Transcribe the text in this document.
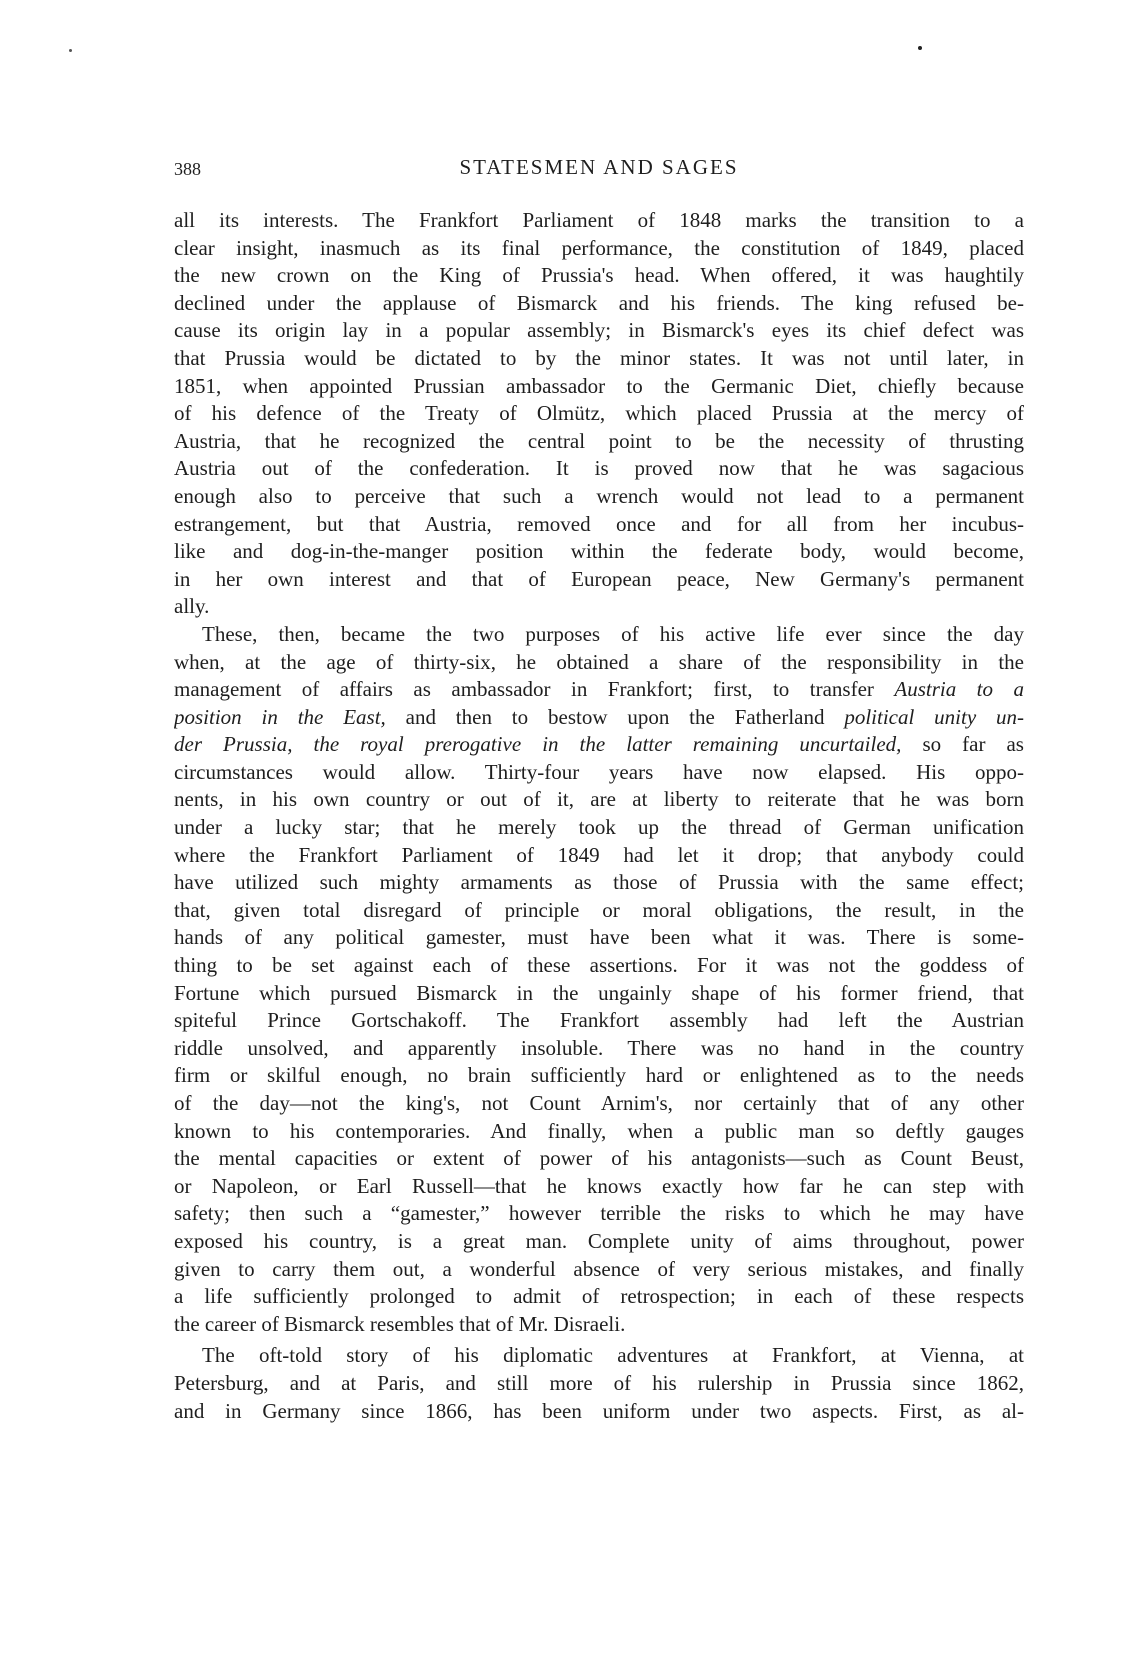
388	STATESMEN AND SAGES
all its interests. The Frankfort Parliament of 1848 marks the transition to a
clear insight, inasmuch as its final performance, the constitution of 1849, placed
the new crown on the King of Prussia's head. When offered, it was haughtily
declined under the applause of Bismarck and his friends. The king refused be-
cause its origin lay in a popular assembly; in Bismarck's eyes its chief defect was
that Prussia would be dictated to by the minor states. It was not until later, in
1851, when appointed Prussian ambassador to the Germanic Diet, chiefly because
of his defence of the Treaty of Olmütz, which placed Prussia at the mercy of
Austria, that he recognized the central point to be the necessity of thrusting
Austria out of the confederation. It is proved now that he was sagacious
enough also to perceive that such a wrench would not lead to a permanent
estrangement, but that Austria, removed once and for all from her incubus-
like and dog-in-the-manger position within the federate body, would become,
in her own interest and that of European peace, New Germany's permanent
ally.
These, then, became the two purposes of his active life ever since the day
when, at the age of thirty-six, he obtained a share of the responsibility in the
management of affairs as ambassador in Frankfort; first, to transfer Austria to a
position in the East, and then to bestow upon the Fatherland political unity un-
der Prussia, the royal prerogative in the latter remaining uncurtailed, so far as
circumstances would allow. Thirty-four years have now elapsed. His oppo-
nents, in his own country or out of it, are at liberty to reiterate that he was born
under a lucky star; that he merely took up the thread of German unification
where the Frankfort Parliament of 1849 had let it drop; that anybody could
have utilized such mighty armaments as those of Prussia with the same effect;
that, given total disregard of principle or moral obligations, the result, in the
hands of any political gamester, must have been what it was. There is some-
thing to be set against each of these assertions. For it was not the goddess of
Fortune which pursued Bismarck in the ungainly shape of his former friend, that
spiteful Prince Gortschakoff. The Frankfort assembly had left the Austrian
riddle unsolved, and apparently insoluble. There was no hand in the country
firm or skilful enough, no brain sufficiently hard or enlightened as to the needs
of the day—not the king's, not Count Arnim's, nor certainly that of any other
known to his contemporaries. And finally, when a public man so deftly gauges
the mental capacities or extent of power of his antagonists—such as Count Beust,
or Napoleon, or Earl Russell—that he knows exactly how far he can step with
safety; then such a “gamester,” however terrible the risks to which he may have
exposed his country, is a great man. Complete unity of aims throughout, power
given to carry them out, a wonderful absence of very serious mistakes, and finally
a life sufficiently prolonged to admit of retrospection; in each of these respects
the career of Bismarck resembles that of Mr. Disraeli.
The oft-told story of his diplomatic adventures at Frankfort, at Vienna, at
Petersburg, and at Paris, and still more of his rulership in Prussia since 1862,
and in Germany since 1866, has been uniform under two aspects. First, as al-
